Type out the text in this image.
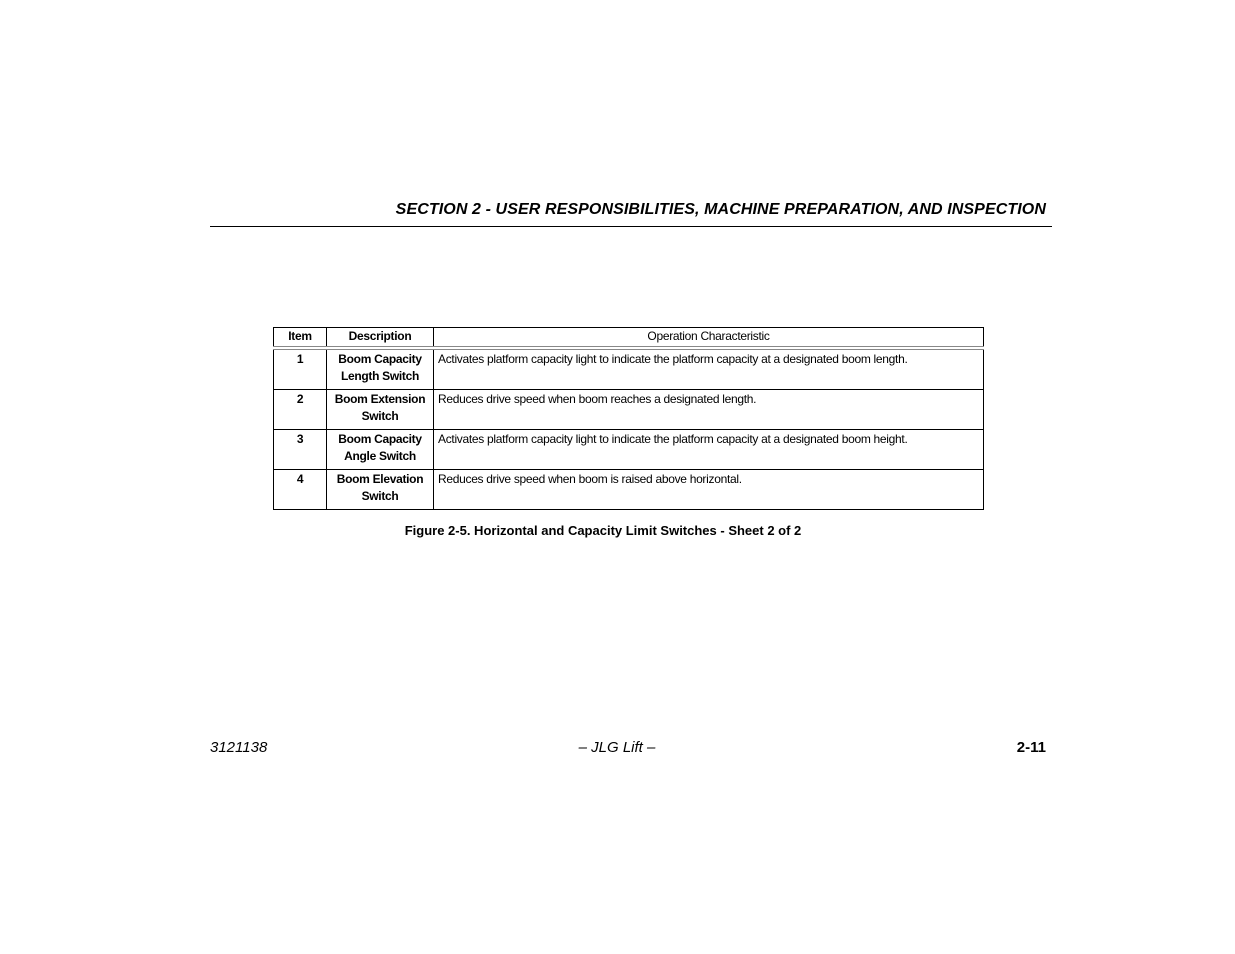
SECTION 2 - USER RESPONSIBILITIES, MACHINE PREPARATION, AND INSPECTION
Item	Description	Operation Characteristic
1	Boom Capacity Length Switch	Activates platform capacity light to indicate the platform capacity at a designated boom length.
2	Boom Extension Switch	Reduces drive speed when boom reaches a designated length.
3	Boom Capacity Angle Switch	Activates platform capacity light to indicate the platform capacity at a designated boom height.
4	Boom Elevation Switch	Reduces drive speed when boom is raised above horizontal.
Figure 2-5. Horizontal and Capacity Limit Switches - Sheet 2 of 2
3121138	– JLG Lift –	2-11
